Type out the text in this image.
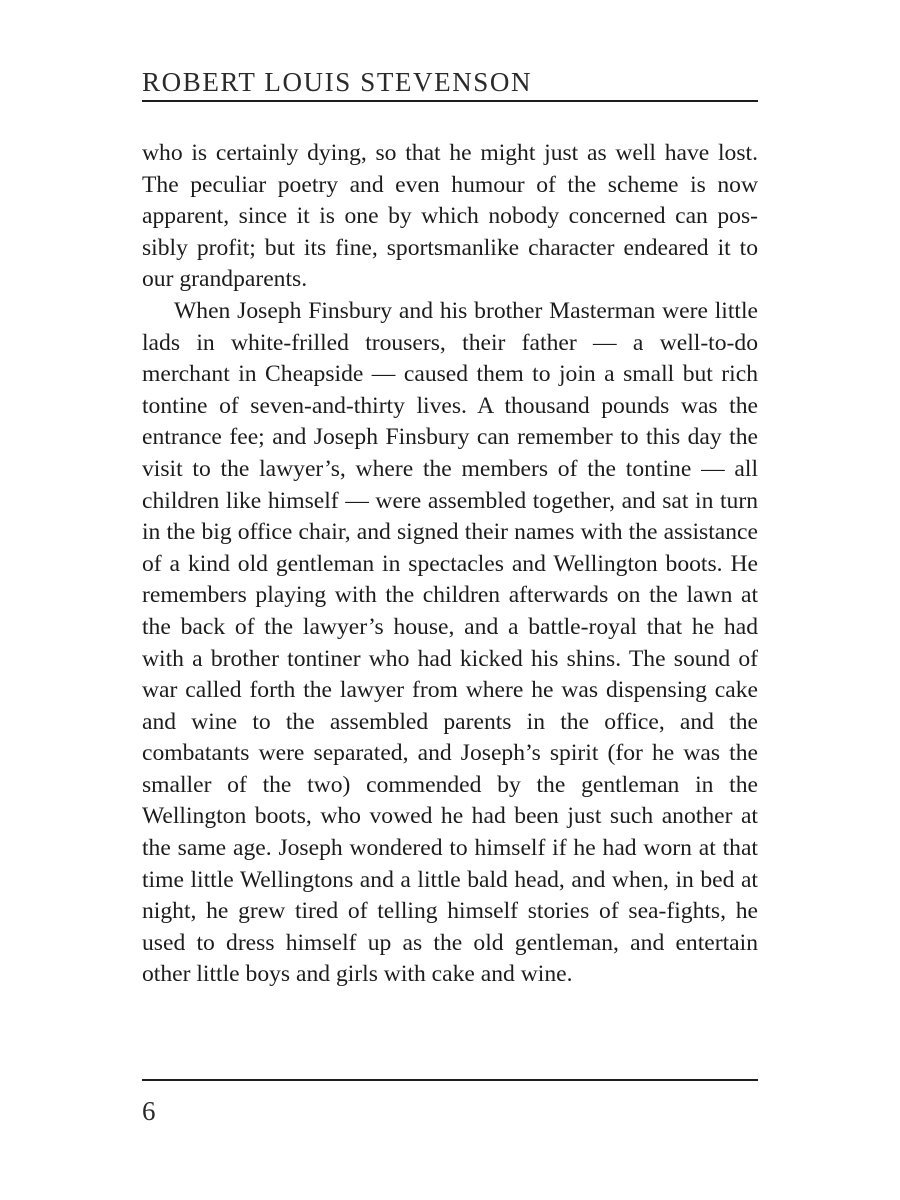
ROBERT LOUIS STEVENSON

who is certainly dying, so that he might just as well have lost. The peculiar poetry and even humour of the scheme is now apparent, since it is one by which nobody concerned can possibly profit; but its fine, sportsmanlike character endeared it to our grandparents.

When Joseph Finsbury and his brother Masterman were little lads in white-frilled trousers, their father — a well-to-do merchant in Cheapside — caused them to join a small but rich tontine of seven-and-thirty lives. A thousand pounds was the entrance fee; and Joseph Finsbury can remember to this day the visit to the lawyer’s, where the members of the tontine — all children like himself — were assembled together, and sat in turn in the big office chair, and signed their names with the assistance of a kind old gentleman in spectacles and Wellington boots. He remembers playing with the children afterwards on the lawn at the back of the lawyer’s house, and a battle-royal that he had with a brother tontiner who had kicked his shins. The sound of war called forth the lawyer from where he was dispensing cake and wine to the assembled parents in the office, and the combatants were separated, and Joseph’s spirit (for he was the smaller of the two) commended by the gentleman in the Wellington boots, who vowed he had been just such another at the same age. Joseph wondered to himself if he had worn at that time little Wellingtons and a little bald head, and when, in bed at night, he grew tired of telling himself stories of sea-fights, he used to dress himself up as the old gentleman, and entertain other little boys and girls with cake and wine.

6
